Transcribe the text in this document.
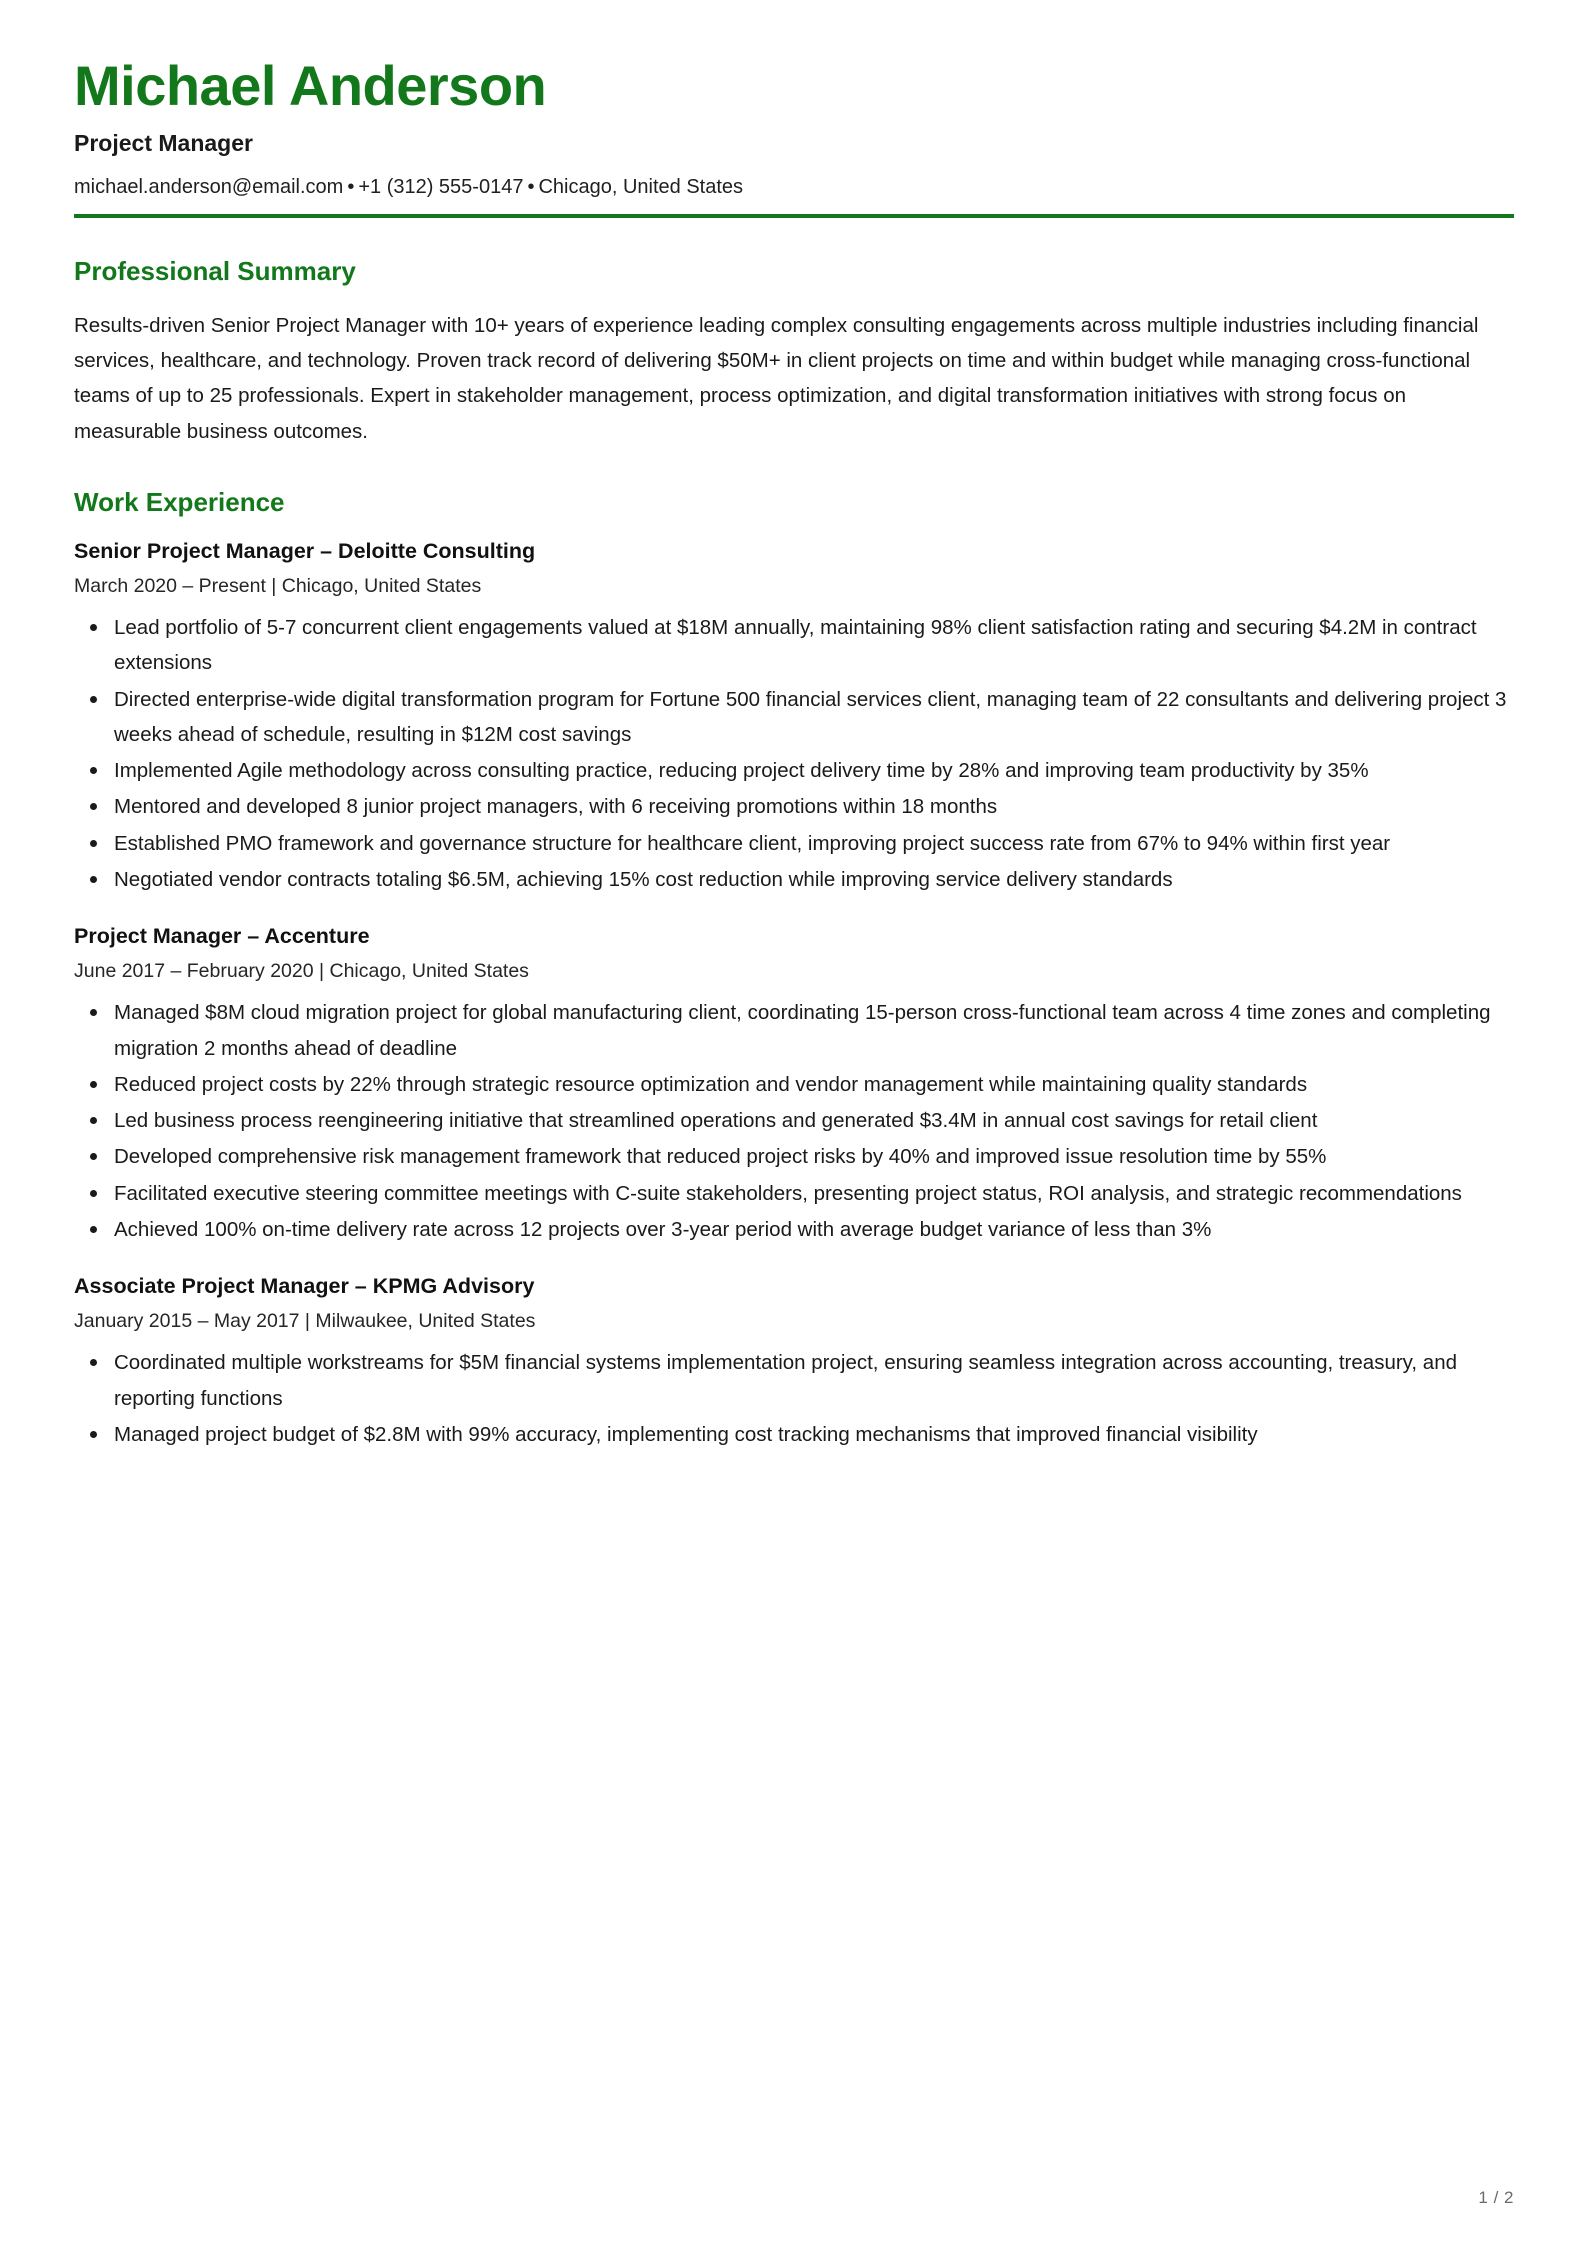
Michael Anderson
Project Manager
michael.anderson@email.com • +1 (312) 555-0147 • Chicago, United States
Professional Summary

Results-driven Senior Project Manager with 10+ years of experience leading complex consulting engagements across multiple industries including financial services, healthcare, and technology. Proven track record of delivering $50M+ in client projects on time and within budget while managing cross-functional teams of up to 25 professionals. Expert in stakeholder management, process optimization, and digital transformation initiatives with strong focus on measurable business outcomes.

Work Experience
Senior Project Manager – Deloitte Consulting
March 2020 – Present | Chicago, United States
Lead portfolio of 5-7 concurrent client engagements valued at $18M annually, maintaining 98% client satisfaction rating and securing $4.2M in contract extensions
Directed enterprise-wide digital transformation program for Fortune 500 financial services client, managing team of 22 consultants and delivering project 3 weeks ahead of schedule, resulting in $12M cost savings
Implemented Agile methodology across consulting practice, reducing project delivery time by 28% and improving team productivity by 35%
Mentored and developed 8 junior project managers, with 6 receiving promotions within 18 months
Established PMO framework and governance structure for healthcare client, improving project success rate from 67% to 94% within first year
Negotiated vendor contracts totaling $6.5M, achieving 15% cost reduction while improving service delivery standards
Project Manager – Accenture
June 2017 – February 2020 | Chicago, United States
Managed $8M cloud migration project for global manufacturing client, coordinating 15-person cross-functional team across 4 time zones and completing migration 2 months ahead of deadline
Reduced project costs by 22% through strategic resource optimization and vendor management while maintaining quality standards
Led business process reengineering initiative that streamlined operations and generated $3.4M in annual cost savings for retail client
Developed comprehensive risk management framework that reduced project risks by 40% and improved issue resolution time by 55%
Facilitated executive steering committee meetings with C-suite stakeholders, presenting project status, ROI analysis, and strategic recommendations
Achieved 100% on-time delivery rate across 12 projects over 3-year period with average budget variance of less than 3%
Associate Project Manager – KPMG Advisory
January 2015 – May 2017 | Milwaukee, United States
Coordinated multiple workstreams for $5M financial systems implementation project, ensuring seamless integration across accounting, treasury, and reporting functions
Managed project budget of $2.8M with 99% accuracy, implementing cost tracking mechanisms that improved financial visibility
1 / 2
